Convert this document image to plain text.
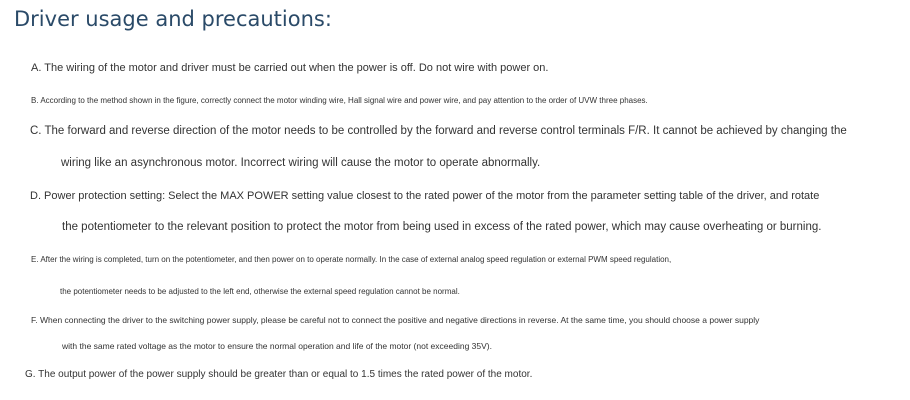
Driver usage and precautions:
A. The wiring of the motor and driver must be carried out when the power is off. Do not wire with power on.
B. According to the method shown in the figure, correctly connect the motor winding wire, Hall signal wire and power wire, and pay attention to the order of UVW three phases.
C. The forward and reverse direction of the motor needs to be controlled by the forward and reverse control terminals F/R. It cannot be achieved by changing the
wiring like an asynchronous motor. Incorrect wiring will cause the motor to operate abnormally.
D. Power protection setting: Select the MAX POWER setting value closest to the rated power of the motor from the parameter setting table of the driver, and rotate
the potentiometer to the relevant position to protect the motor from being used in excess of the rated power, which may cause overheating or burning.
E. After the wiring is completed, turn on the potentiometer, and then power on to operate normally. In the case of external analog speed regulation or external PWM speed regulation,
the potentiometer needs to be adjusted to the left end, otherwise the external speed regulation cannot be normal.
F. When connecting the driver to the switching power supply, please be careful not to connect the positive and negative directions in reverse. At the same time, you should choose a power supply
with the same rated voltage as the motor to ensure the normal operation and life of the motor (not exceeding 35V).
G. The output power of the power supply should be greater than or equal to 1.5 times the rated power of the motor.
